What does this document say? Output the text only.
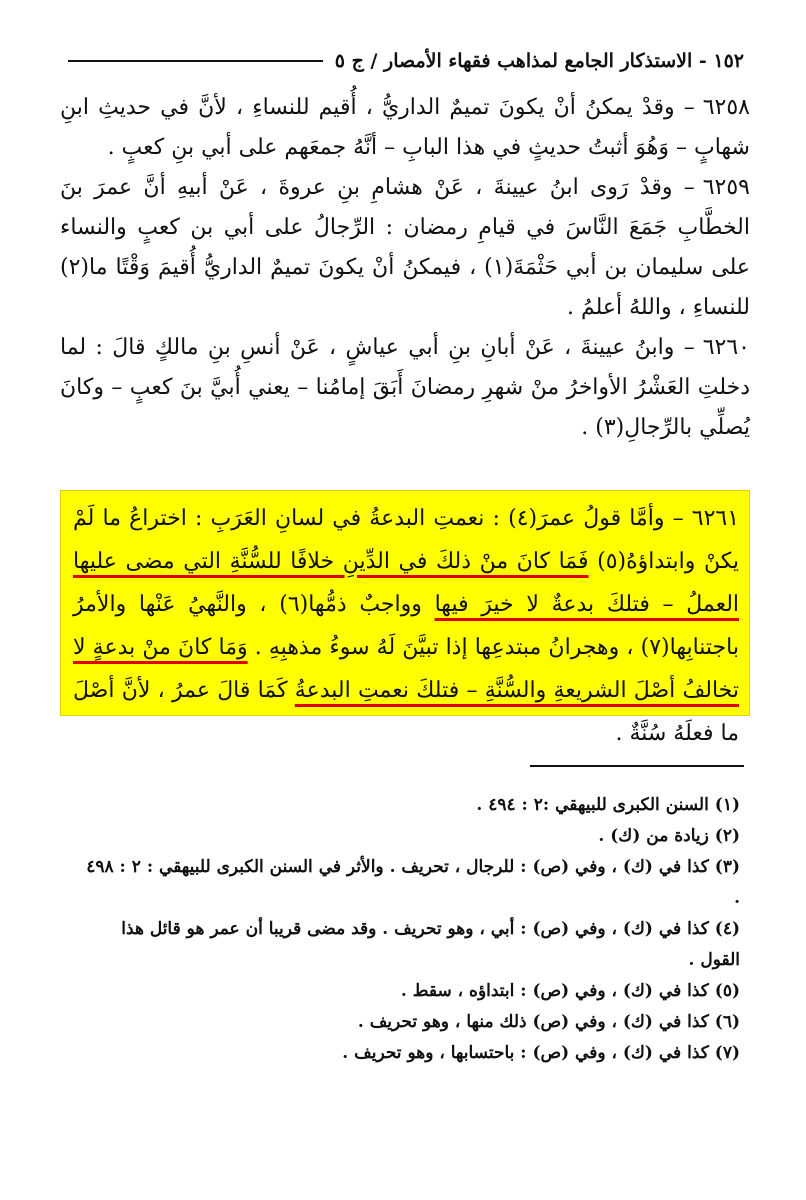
١٥٢ - الاستذكار الجامع لمذاهب فقهاء الأمصار / ج ٥

٦٢٥٨– وقدْ يمكنُ أنْ يكونَ تميمٌ الداريُّ ، أُقيم للنساءِ ، لأنَّ في حديثِ ابنِ شهابٍ – وَهُوَ أثبتُ حديثٍ في هذا البابِ – أنَّهُ جمعَهم على أبي بنِ كعبٍ .

٦٢٥٩– وقدْ رَوى ابنُ عيينةَ ، عَنْ هشامِ بنِ عروةَ ، عَنْ أبيهِ أنَّ عمرَ بنَ الخطَّابِ جَمَعَ النَّاسَ في قيامِ رمضان : الرِّجالُ على أبي بن كعبٍ والنساء على سليمان بن أبي حَثْمَةَ(١) ، فيمكنُ أنْ يكونَ تميمٌ الداريُّ أُقيمَ وَقْتًا ما(٢) للنساءِ ، واللهُ أعلمُ .

٦٢٦٠– وابنُ عيينةَ ، عَنْ أبانِ بنِ أبي عياشٍ ، عَنْ أنسِ بنِ مالكٍ قالَ : لما دخلتِ العَشْرُ الأواخرُ منْ شهرِ رمضانَ أَبَقَ إمامُنا – يعني أُبيَّ بنَ كعبٍ – وكانَ يُصلِّي بالرِّجالِ(٣) .

٦٢٦١ – وأمَّا قولُ عمرَ(٤) : نعمتِ البدعةُ في لسانِ العَرَبِ : اختراعُ ما لَمْ يكنْ وابتداؤهُ(٥) فَمَا كانَ منْ ذلكَ في الدِّينِ خلافًا للسُّنَّةِ التي مضى عليها العملُ – فتلكَ بدعةٌ لا خيرَ فيها وواجبٌ ذمُّها(٦) ، والنَّهيُ عَنْها والأمرُ باجتنابِها(٧) ، وهجرانُ مبتدعِها إذا تبيَّنَ لَهُ سوءُ مذهبِهِ . وَمَا كانَ منْ بدعةٍ لا تخالفُ أصْلَ الشريعةِ والسُّنَّةِ – فتلكَ نعمتِ البدعةُ كَمَا قالَ عمرُ ، لأنَّ أصْلَ ما فعلَهُ سُنَّةٌ .

(١) السنن الكبرى للبيهقي :٢ : ٤٩٤ .

(٢) زيادة من (ك) .

(٣) كذا في (ك) ، وفي (ص) : للرجال ، تحريف . والأثر في السنن الكبرى للبيهقي : ٢ : ٤٩٨ .

(٤) كذا في (ك) ، وفي (ص) : أبي ، وهو تحريف . وقد مضى قريبا أن عمر هو قائل هذا القول .

(٥) كذا في (ك) ، وفي (ص) : ابتداؤه ، سقط .

(٦) كذا في (ك) ، وفي (ص) ذلك منها ، وهو تحريف .

(٧) كذا في (ك) ، وفي (ص) : باحتسابها ، وهو تحريف .
